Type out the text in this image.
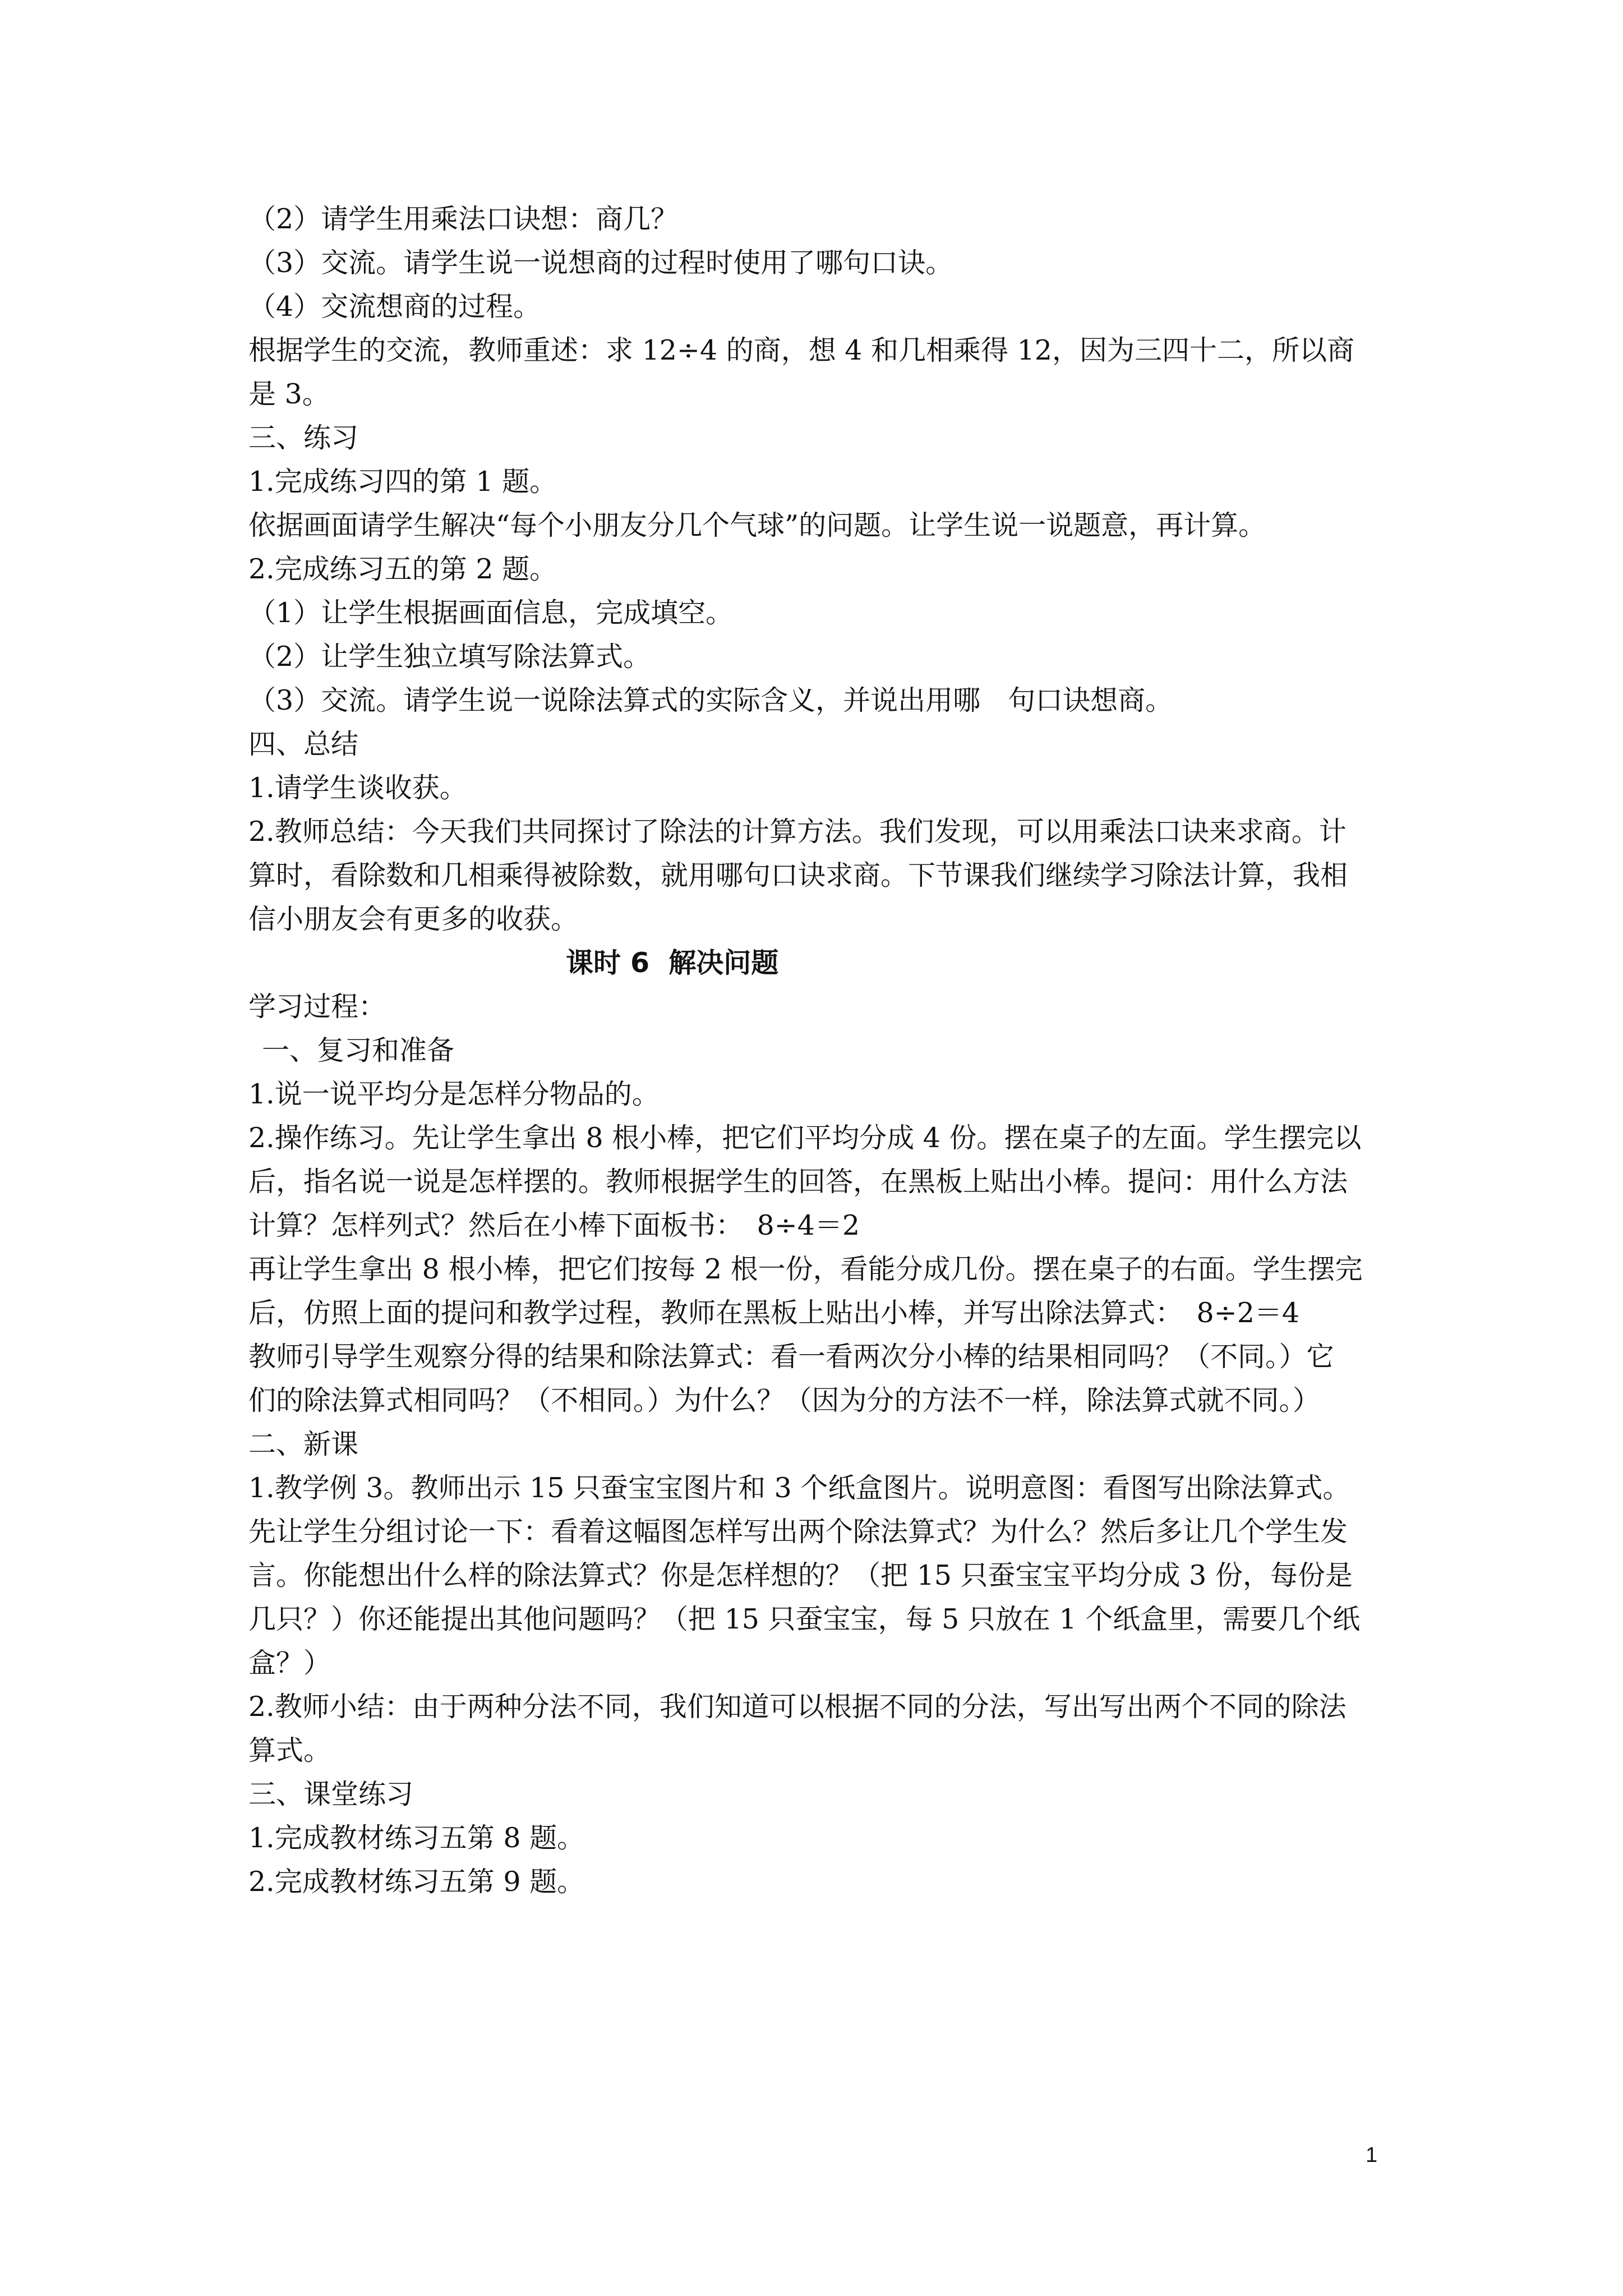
（2）请学生用乘法口诀想：商几？
（3）交流。请学生说一说想商的过程时使用了哪句口诀。
（4）交流想商的过程。
根据学生的交流，教师重述：求 12÷4 的商，想 4 和几相乘得 12，因为三四十二，所以商
是 3。
三、练习
1.完成练习四的第 1 题。
依据画面请学生解决“每个小朋友分几个气球”的问题。让学生说一说题意，再计算。
2.完成练习五的第 2 题。
（1）让学生根据画面信息，完成填空。
（2）让学生独立填写除法算式。
（3）交流。请学生说一说除法算式的实际含义，并说出用哪　句口诀想商。
四、总结
1.请学生谈收获。
2.教师总结：今天我们共同探讨了除法的计算方法。我们发现，可以用乘法口诀来求商。计
算时，看除数和几相乘得被除数，就用哪句口诀求商。下节课我们继续学习除法计算，我相
信小朋友会有更多的收获。
课时 6  解决问题
学习过程：
一、复习和准备
1.说一说平均分是怎样分物品的。
2.操作练习。先让学生拿出 8 根小棒，把它们平均分成 4 份。摆在桌子的左面。学生摆完以
后，指名说一说是怎样摆的。教师根据学生的回答，在黑板上贴出小棒。提问：用什么方法
计算？怎样列式？然后在小棒下面板书：　8÷4＝2
再让学生拿出 8 根小棒，把它们按每 2 根一份，看能分成几份。摆在桌子的右面。学生摆完
后，仿照上面的提问和教学过程，教师在黑板上贴出小棒，并写出除法算式：　8÷2＝4
教师引导学生观察分得的结果和除法算式：看一看两次分小棒的结果相同吗？（不同。）它
们的除法算式相同吗？（不相同。）为什么？（因为分的方法不一样，除法算式就不同。）
二、新课
1.教学例 3。教师出示 15 只蚕宝宝图片和 3 个纸盒图片。说明意图：看图写出除法算式。
先让学生分组讨论一下：看着这幅图怎样写出两个除法算式？为什么？然后多让几个学生发
言。你能想出什么样的除法算式？你是怎样想的？（把 15 只蚕宝宝平均分成 3 份，每份是
几只？）你还能提出其他问题吗？（把 15 只蚕宝宝，每 5 只放在 1 个纸盒里，需要几个纸
盒？）
2.教师小结：由于两种分法不同，我们知道可以根据不同的分法，写出写出两个不同的除法
算式。
三、课堂练习
1.完成教材练习五第 8 题。
2.完成教材练习五第 9 题。
1
